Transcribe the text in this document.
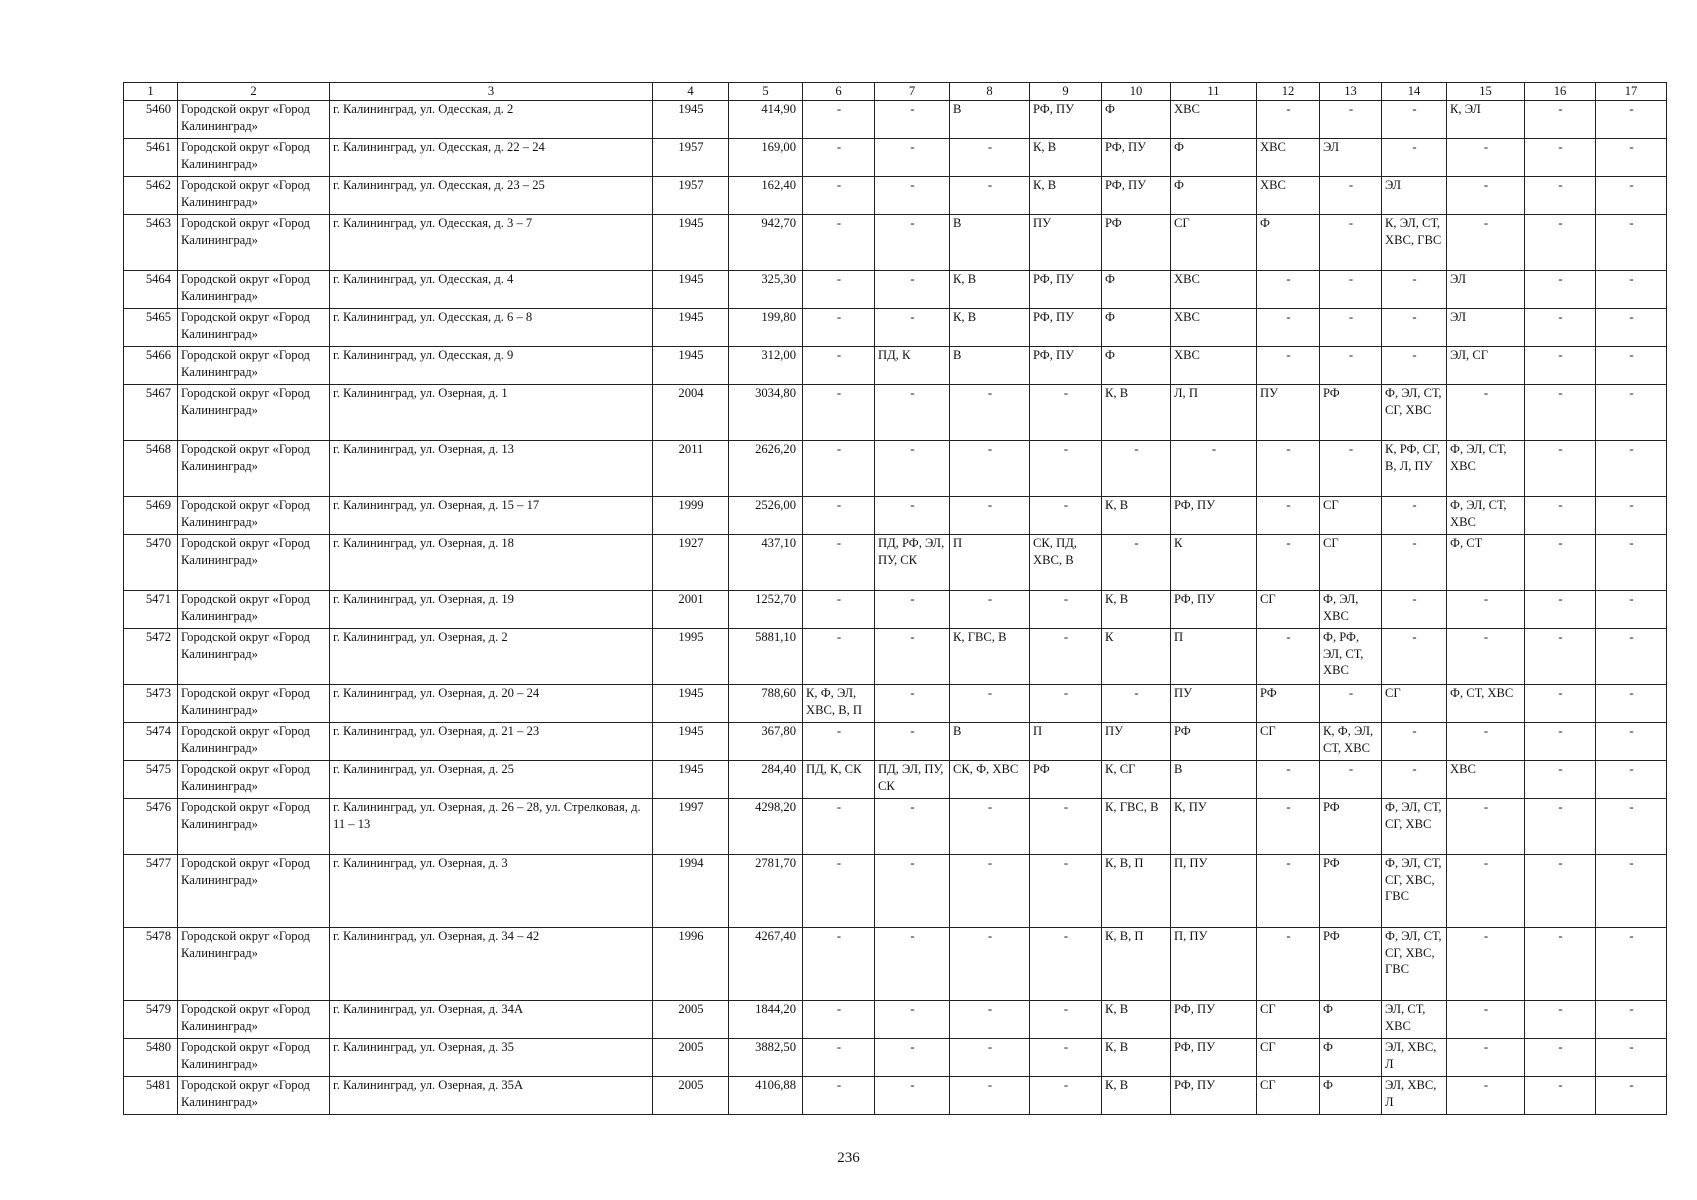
1	2	3	4	5	6	7	8	9	10	11	12	13	14	15	16	17
5460	Городской округ «Город Калининград»	г. Калининград, ул. Одесская, д. 2	1945	414,90	-	-	В	РФ, ПУ	Ф	ХВС	-	-	-	К, ЭЛ	-	-
5461	Городской округ «Город Калининград»	г. Калининград, ул. Одесская, д. 22 – 24	1957	169,00	-	-	-	К, В	РФ, ПУ	Ф	ХВС	ЭЛ	-	-	-	-
5462	Городской округ «Город Калининград»	г. Калининград, ул. Одесская, д. 23 – 25	1957	162,40	-	-	-	К, В	РФ, ПУ	Ф	ХВС	-	ЭЛ	-	-	-
5463	Городской округ «Город Калининград»	г. Калининград, ул. Одесская, д. 3 – 7	1945	942,70	-	-	В	ПУ	РФ	СГ	Ф	-	К, ЭЛ, СТ, ХВС, ГВС	-	-	-
5464	Городской округ «Город Калининград»	г. Калининград, ул. Одесская, д. 4	1945	325,30	-	-	К, В	РФ, ПУ	Ф	ХВС	-	-	-	ЭЛ	-	-
5465	Городской округ «Город Калининград»	г. Калининград, ул. Одесская, д. 6 – 8	1945	199,80	-	-	К, В	РФ, ПУ	Ф	ХВС	-	-	-	ЭЛ	-	-
5466	Городской округ «Город Калининград»	г. Калининград, ул. Одесская, д. 9	1945	312,00	-	ПД, К	В	РФ, ПУ	Ф	ХВС	-	-	-	ЭЛ, СГ	-	-
5467	Городской округ «Город Калининград»	г. Калининград, ул. Озерная, д. 1	2004	3034,80	-	-	-	-	К, В	Л, П	ПУ	РФ	Ф, ЭЛ, СТ, СГ, ХВС	-	-	-
5468	Городской округ «Город Калининград»	г. Калининград, ул. Озерная, д. 13	2011	2626,20	-	-	-	-	-	-	-	-	К, РФ, СГ, В, Л, ПУ	Ф, ЭЛ, СТ, ХВС	-	-
5469	Городской округ «Город Калининград»	г. Калининград, ул. Озерная, д. 15 – 17	1999	2526,00	-	-	-	-	К, В	РФ, ПУ	-	СГ	-	Ф, ЭЛ, СТ, ХВС	-	-
5470	Городской округ «Город Калининград»	г. Калининград, ул. Озерная, д. 18	1927	437,10	-	ПД, РФ, ЭЛ, ПУ, СК	П	СК, ПД, ХВС, В	-	К	-	СГ	-	Ф, СТ	-	-
5471	Городской округ «Город Калининград»	г. Калининград, ул. Озерная, д. 19	2001	1252,70	-	-	-	-	К, В	РФ, ПУ	СГ	Ф, ЭЛ, ХВС	-	-	-	-
5472	Городской округ «Город Калининград»	г. Калининград, ул. Озерная, д. 2	1995	5881,10	-	-	К, ГВС, В	-	К	П	-	Ф, РФ, ЭЛ, СТ, ХВС	-	-	-	-
5473	Городской округ «Город Калининград»	г. Калининград, ул. Озерная, д. 20 – 24	1945	788,60	К, Ф, ЭЛ, ХВС, В, П	-	-	-	-	ПУ	РФ	-	СГ	Ф, СТ, ХВС	-	-
5474	Городской округ «Город Калининград»	г. Калининград, ул. Озерная, д. 21 – 23	1945	367,80	-	-	В	П	ПУ	РФ	СГ	К, Ф, ЭЛ, СТ, ХВС	-	-	-	-
5475	Городской округ «Город Калининград»	г. Калининград, ул. Озерная, д. 25	1945	284,40	ПД, К, СК	ПД, ЭЛ, ПУ, СК	СК, Ф, ХВС	РФ	К, СГ	В	-	-	-	ХВС	-	-
5476	Городской округ «Город Калининград»	г. Калининград, ул. Озерная, д. 26 – 28, ул. Стрелковая, д. 11 – 13	1997	4298,20	-	-	-	-	К, ГВС, В	К, ПУ	-	РФ	Ф, ЭЛ, СТ, СГ, ХВС	-	-	-
5477	Городской округ «Город Калининград»	г. Калининград, ул. Озерная, д. 3	1994	2781,70	-	-	-	-	К, В, П	П, ПУ	-	РФ	Ф, ЭЛ, СТ, СГ, ХВС, ГВС	-	-	-
5478	Городской округ «Город Калининград»	г. Калининград, ул. Озерная, д. 34 – 42	1996	4267,40	-	-	-	-	К, В, П	П, ПУ	-	РФ	Ф, ЭЛ, СТ, СГ, ХВС, ГВС	-	-	-
5479	Городской округ «Город Калининград»	г. Калининград, ул. Озерная, д. 34А	2005	1844,20	-	-	-	-	К, В	РФ, ПУ	СГ	Ф	ЭЛ, СТ, ХВС	-	-	-
5480	Городской округ «Город Калининград»	г. Калининград, ул. Озерная, д. 35	2005	3882,50	-	-	-	-	К, В	РФ, ПУ	СГ	Ф	ЭЛ, ХВС, Л	-	-	-
5481	Городской округ «Город Калининград»	г. Калининград, ул. Озерная, д. 35А	2005	4106,88	-	-	-	-	К, В	РФ, ПУ	СГ	Ф	ЭЛ, ХВС, Л	-	-	-
236
